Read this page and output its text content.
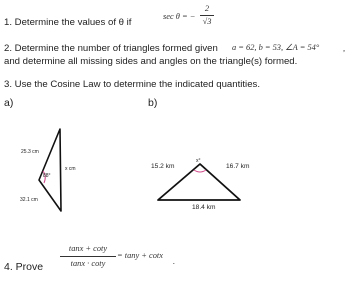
1. Determine the values of θ if
sec θ = −
2
√3
2. Determine the number of triangles formed given a = 62, b = 53, ∠A = 54°	,
and determine all missing sides and angles on the triangle(s) formed.
3. Use the Cosine Law to determine the indicated quantities.
a)	b)
25.3 cm
x cm
88°
32.1 cm
x°
15.2 km	16.7 km
18.4 km
4. Prove
tanx + coty
tanx · coty
= tany + cotx
.
